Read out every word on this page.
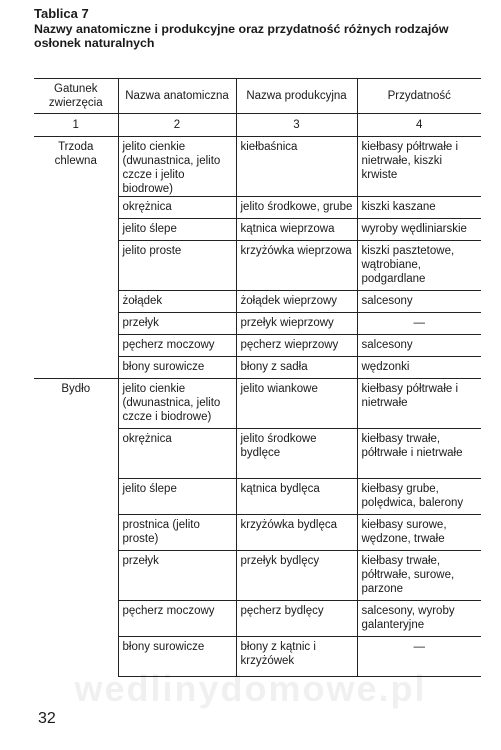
Tablica 7
Nazwy anatomiczne i produkcyjne oraz przydatność różnych rodzajów osłonek naturalnych
Gatunek zwierzęcia	Nazwa anatomiczna	Nazwa produkcyjna	Przydatność
1	2	3	4
Trzoda chlewna	jelito cienkie (dwunastnica, jelito czcze i jelito biodrowe)	kiełbaśnica	kiełbasy półtrwałe i nietrwałe, kiszki krwiste
	okrężnica	jelito środkowe, grube	kiszki kaszane
	jelito ślepe	kątnica wieprzowa	wyroby wędliniarskie
	jelito proste	krzyżówka wieprzowa	kiszki pasztetowe, wątrobiane, podgardlane
	żołądek	żołądek wieprzowy	salcesony
	przełyk	przełyk wieprzowy	—
	pęcherz moczowy	pęcherz wieprzowy	salcesony
	błony surowicze	błony z sadła	wędzonki
Bydło	jelito cienkie (dwunastnica, jelito czcze i biodrowe)	jelito wiankowe	kiełbasy półtrwałe i nietrwałe
	okrężnica	jelito środkowe bydlęce	kiełbasy trwałe, półtrwałe i nietrwałe
	jelito ślepe	kątnica bydlęca	kiełbasy grube, polędwica, balerony
	prostnica (jelito proste)	krzyżówka bydlęca	kiełbasy surowe, wędzone, trwałe
	przełyk	przełyk bydlęcy	kiełbasy trwałe, półtrwałe, surowe, parzone
	pęcherz moczowy	pęcherz bydlęcy	salcesony, wyroby galanteryjne
	błony surowicze	błony z kątnic i krzyżówek	—
wedlinydomowe.pl
32
